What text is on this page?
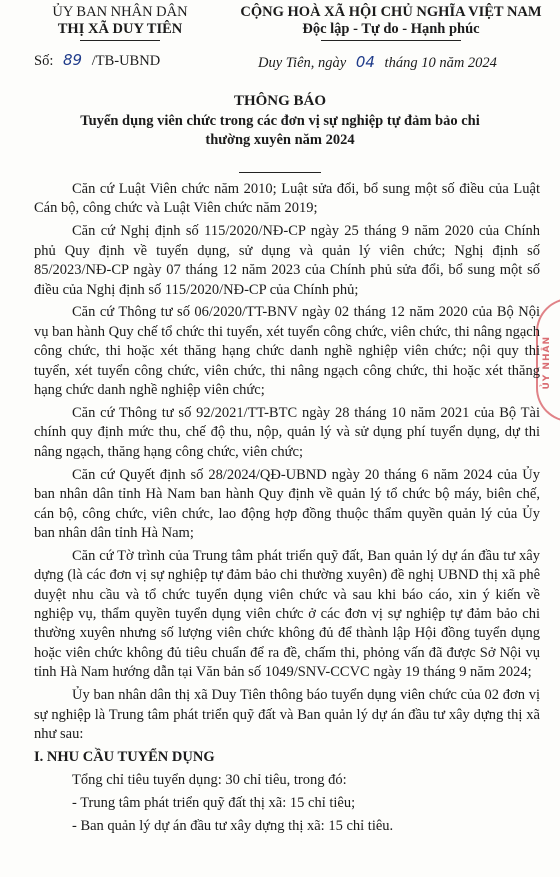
ỦY BAN NHÂN DÂN
THỊ XÃ DUY TIÊN
CỘNG HOÀ XÃ HỘI CHỦ NGHĨA VIỆT NAM
Độc lập - Tự do - Hạnh phúc
Số: 89 /TB-UBND	Duy Tiên, ngày 04 tháng 10 năm 2024
THÔNG BÁO
Tuyển dụng viên chức trong các đơn vị sự nghiệp tự đảm bảo chi thường xuyên năm 2024
ỦY NHÂN

Căn cứ Luật Viên chức năm 2010; Luật sửa đổi, bổ sung một số điều của Luật Cán bộ, công chức và Luật Viên chức năm 2019;

Căn cứ Nghị định số 115/2020/NĐ-CP ngày 25 tháng 9 năm 2020 của Chính phủ Quy định về tuyển dụng, sử dụng và quản lý viên chức; Nghị định số 85/2023/NĐ-CP ngày 07 tháng 12 năm 2023 của Chính phủ sửa đổi, bổ sung một số điều của Nghị định số 115/2020/NĐ-CP của Chính phủ;

Căn cứ Thông tư số 06/2020/TT-BNV ngày 02 tháng 12 năm 2020 của Bộ Nội vụ ban hành Quy chế tổ chức thi tuyển, xét tuyển công chức, viên chức, thi nâng ngạch công chức, thi hoặc xét thăng hạng chức danh nghề nghiệp viên chức; nội quy thi tuyển, xét tuyển công chức, viên chức, thi nâng ngạch công chức, thi hoặc xét thăng hạng chức danh nghề nghiệp viên chức;

Căn cứ Thông tư số 92/2021/TT-BTC ngày 28 tháng 10 năm 2021 của Bộ Tài chính quy định mức thu, chế độ thu, nộp, quản lý và sử dụng phí tuyển dụng, dự thi nâng ngạch, thăng hạng công chức, viên chức;

Căn cứ Quyết định số 28/2024/QĐ-UBND ngày 20 tháng 6 năm 2024 của Ủy ban nhân dân tỉnh Hà Nam ban hành Quy định về quản lý tổ chức bộ máy, biên chế, cán bộ, công chức, viên chức, lao động hợp đồng thuộc thẩm quyền quản lý của Ủy ban nhân dân tỉnh Hà Nam;

Căn cứ Tờ trình của Trung tâm phát triển quỹ đất, Ban quản lý dự án đầu tư xây dựng (là các đơn vị sự nghiệp tự đảm bảo chi thường xuyên) đề nghị UBND thị xã phê duyệt nhu cầu và tổ chức tuyển dụng viên chức và sau khi báo cáo, xin ý kiến về nghiệp vụ, thẩm quyền tuyển dụng viên chức ở các đơn vị sự nghiệp tự đảm bảo chi thường xuyên nhưng số lượng viên chức không đủ để thành lập Hội đồng tuyển dụng hoặc viên chức không đủ tiêu chuẩn để ra đề, chấm thi, phỏng vấn đã được Sở Nội vụ tỉnh Hà Nam hướng dẫn tại Văn bản số 1049/SNV-CCVC ngày 19 tháng 9 năm 2024;

Ủy ban nhân dân thị xã Duy Tiên thông báo tuyển dụng viên chức của 02 đơn vị sự nghiệp là Trung tâm phát triển quỹ đất và Ban quản lý dự án đầu tư xây dựng thị xã như sau:

I. NHU CẦU TUYỂN DỤNG

Tổng chỉ tiêu tuyển dụng: 30 chỉ tiêu, trong đó:

- Trung tâm phát triển quỹ đất thị xã: 15 chỉ tiêu;

- Ban quản lý dự án đầu tư xây dựng thị xã: 15 chỉ tiêu.
